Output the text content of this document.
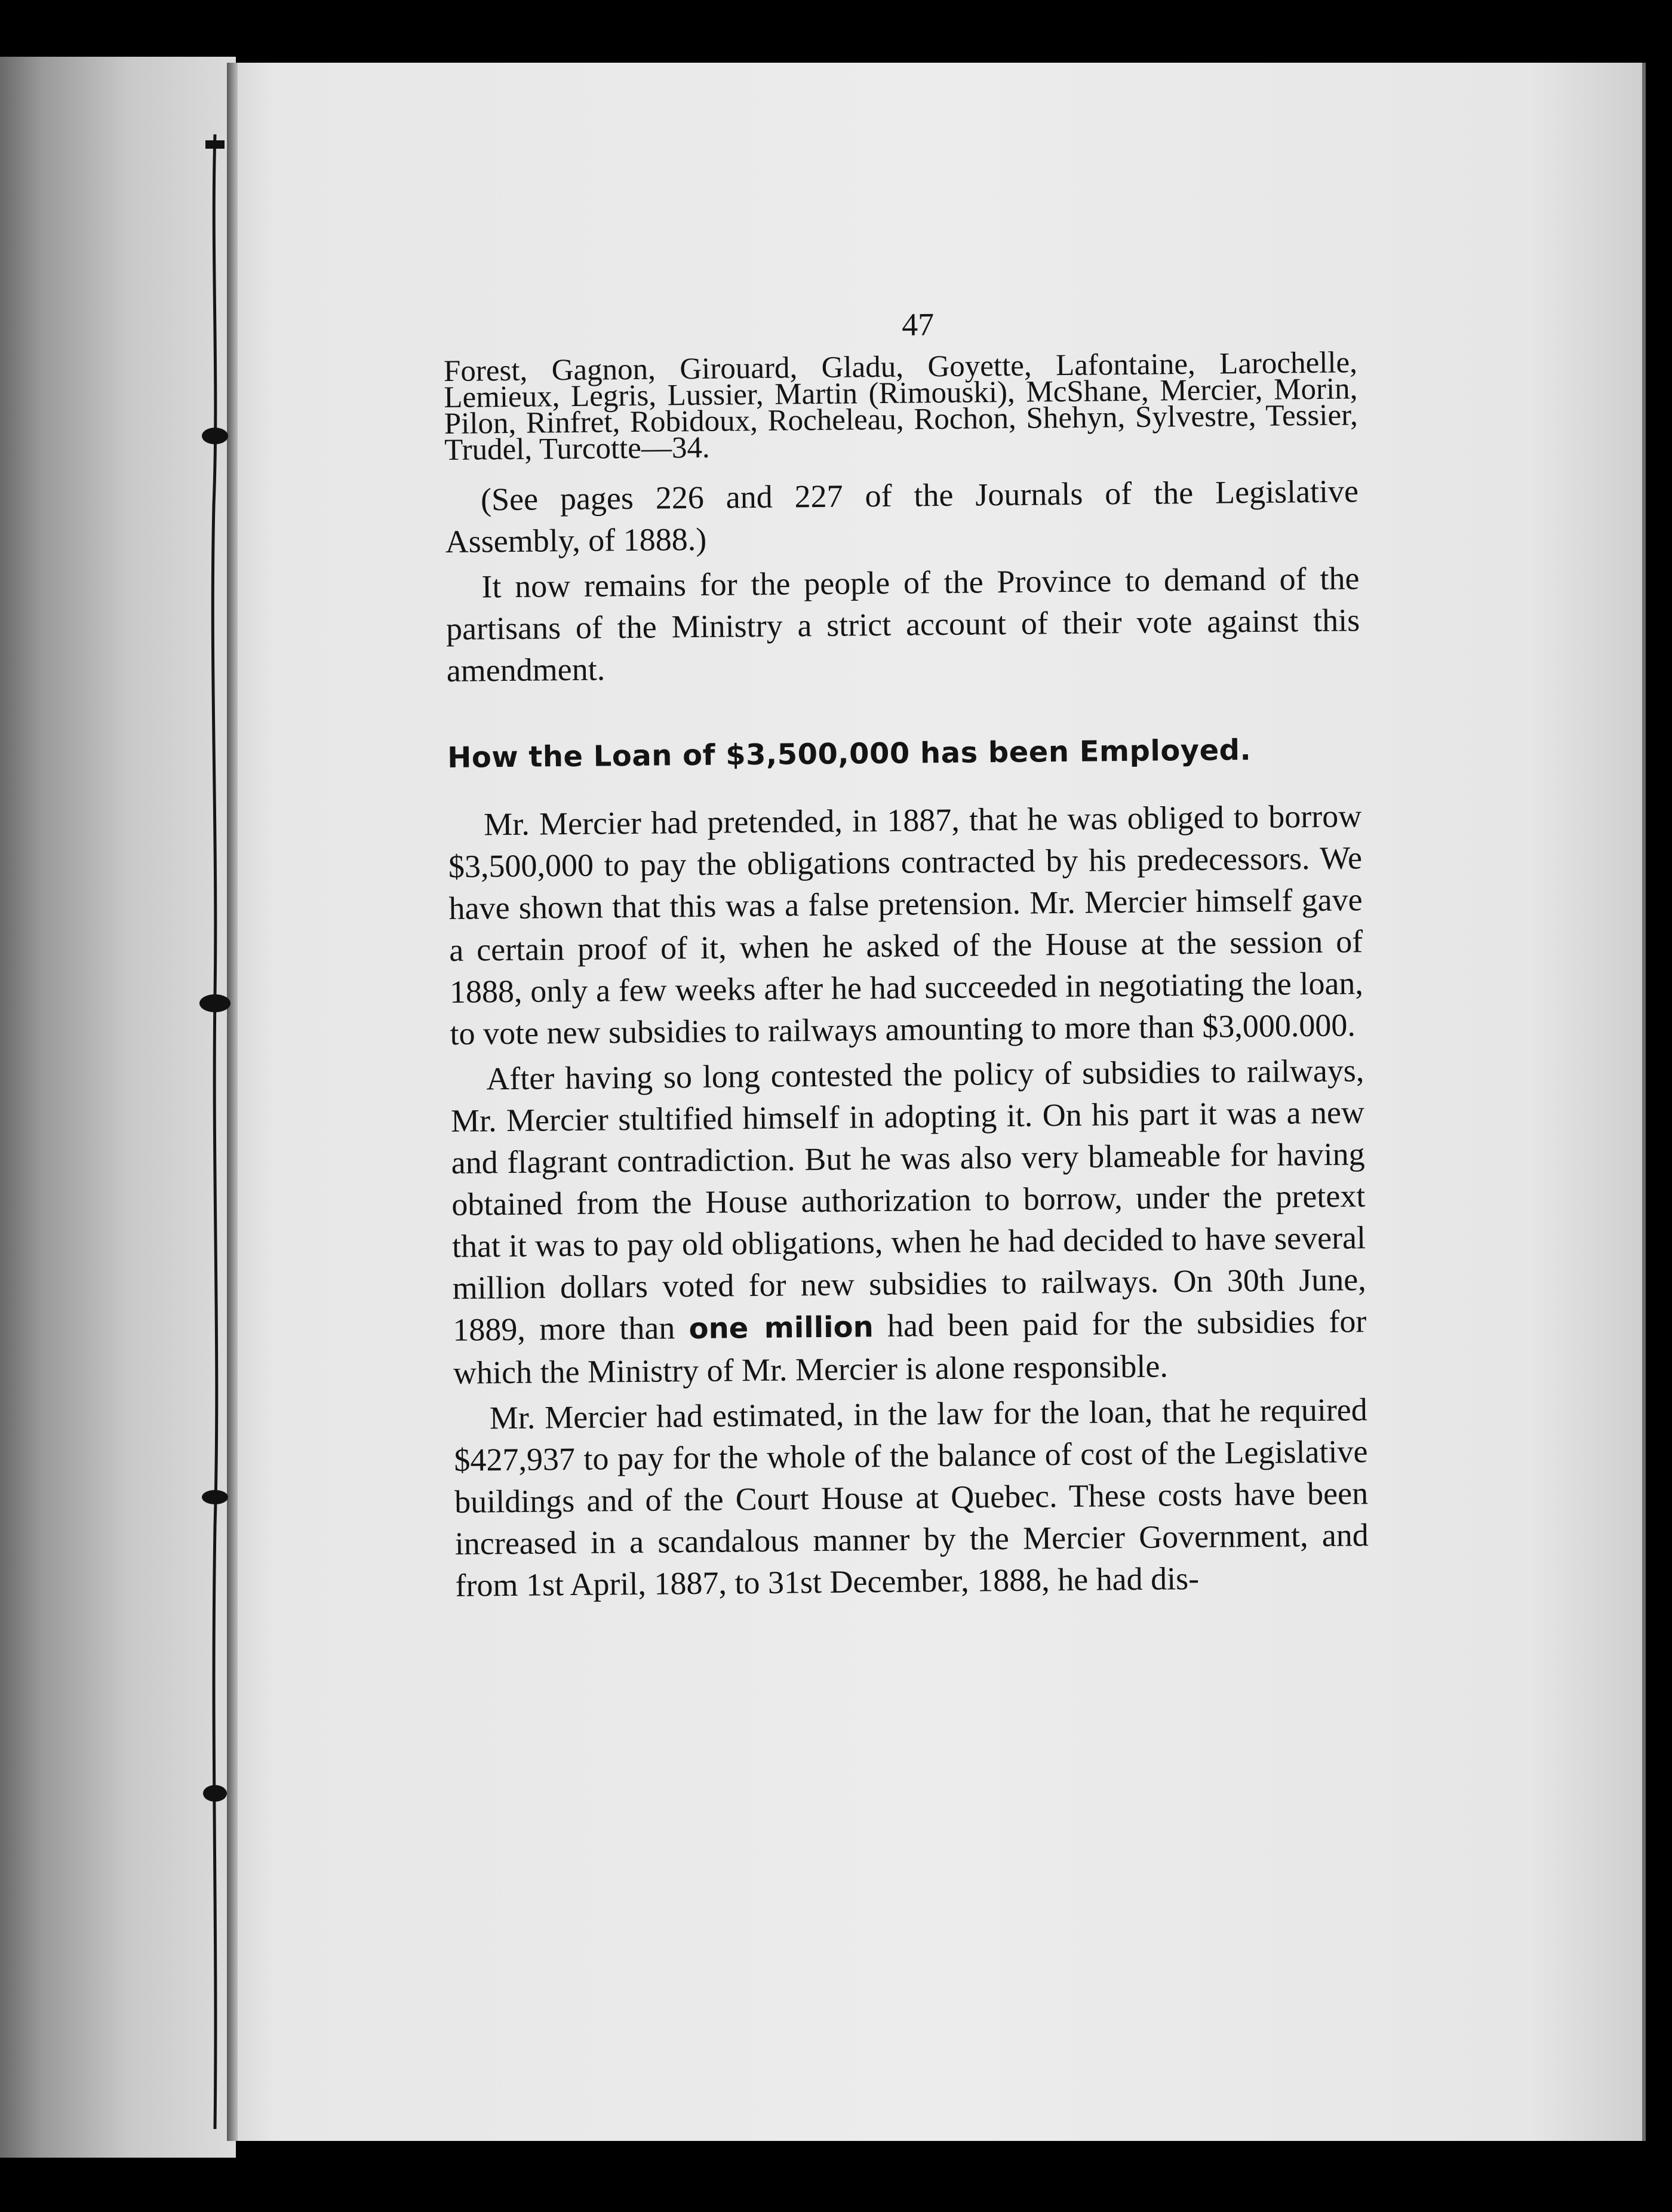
47

Forest, Gagnon, Girouard, Gladu, Goyette, Lafontaine, Larochelle, Lemieux, Legris, Lussier, Martin (Rimouski), McShane, Mercier, Morin, Pilon, Rinfret, Robidoux, Rocheleau, Rochon, Shehyn, Sylvestre, Tessier, Trudel, Turcotte—34.

(See pages 226 and 227 of the Journals of the Legislative Assembly, of 1888.)

It now remains for the people of the Province to demand of the partisans of the Ministry a strict account of their vote against this amendment.

How the Loan of $3,500,000 has been Employed.

Mr. Mercier had pretended, in 1887, that he was obliged to borrow $3,500,000 to pay the obligations contracted by his predecessors. We have shown that this was a false pretension. Mr. Mercier himself gave a certain proof of it, when he asked of the House at the session of 1888, only a few weeks after he had succeeded in negotiating the loan, to vote new subsidies to railways amounting to more than $3,000.000.

After having so long contested the policy of subsidies to railways, Mr. Mercier stultified himself in adopting it. On his part it was a new and flagrant contradiction. But he was also very blameable for having obtained from the House authorization to borrow, under the pretext that it was to pay old obligations, when he had decided to have several million dollars voted for new subsidies to railways. On 30th June, 1889, more than one million had been paid for the subsidies for which the Ministry of Mr. Mercier is alone responsible.

Mr. Mercier had estimated, in the law for the loan, that he required $427,937 to pay for the whole of the balance of cost of the Legislative buildings and of the Court House at Quebec. These costs have been increased in a scandalous manner by the Mercier Government, and from 1st April, 1887, to 31st December, 1888, he had dis-
